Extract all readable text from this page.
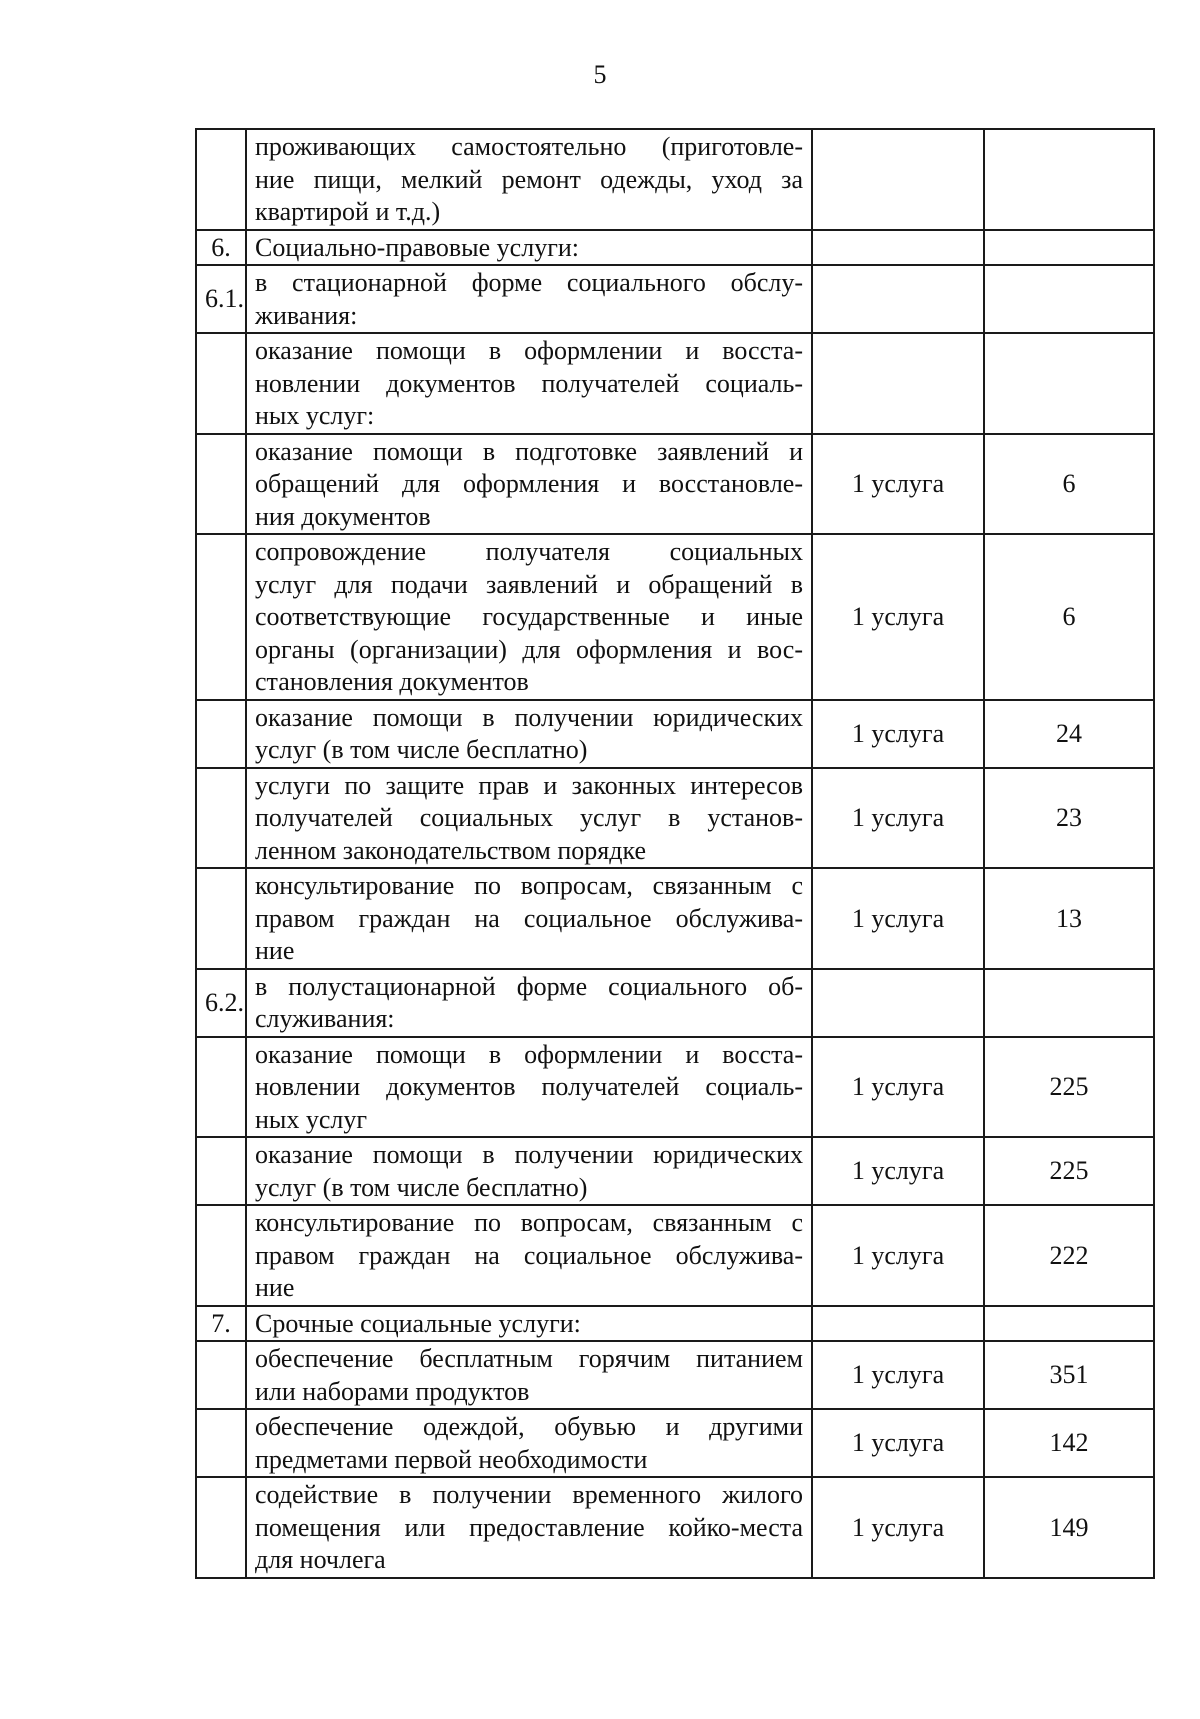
5

	проживающих самостоятельно (приготовле-
ние пищи, мелкий ремонт одежды, уход за
квартирой и т.д.)		

6.	Социально-правовые услуги:		

6.1.	в стационарной форме социального обслу-
живания:		

	оказание помощи в оформлении и восста-
новлении документов получателей социаль-
ных услуг:		

	оказание помощи в подготовке заявлений и
обращений для оформления и восстановле-
ния документов	1 услуга	6

	сопровождение получателя социальных
услуг для подачи заявлений и обращений в
соответствующие государственные и иные
органы (организации) для оформления и вос-
становления документов	1 услуга	6

	оказание помощи в получении юридических
услуг (в том числе бесплатно)	1 услуга	24

	услуги по защите прав и законных интересов
получателей социальных услуг в установ-
ленном законодательством порядке	1 услуга	23

	консультирование по вопросам, связанным с
правом граждан на социальное обслужива-
ние	1 услуга	13
6.2.	в полустационарной форме социального об-
служивания:		

	оказание помощи в оформлении и восста-
новлении документов получателей социаль-
ных услуг	1 услуга	225

	оказание помощи в получении юридических
услуг (в том числе бесплатно)	1 услуга	225

	консультирование по вопросам, связанным с
правом граждан на социальное обслужива-
ние	1 услуга	222
7.	Срочные социальные услуги:		

	обеспечение бесплатным горячим питанием
или наборами продуктов	1 услуга	351

	обеспечение одеждой, обувью и другими
предметами первой необходимости	1 услуга	142

	содействие в получении временного жилого
помещения или предоставление койко-места
для ночлега	1 услуга	149
